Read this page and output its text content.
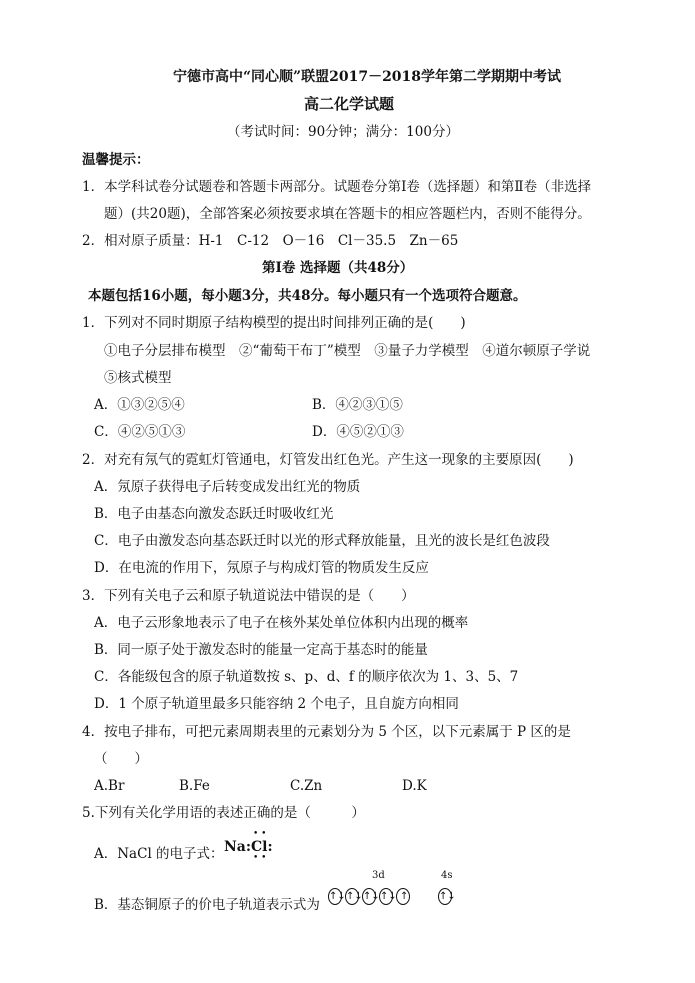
宁德市高中“同心顺”联盟2017－2018学年第二学期期中考试
高二化学试题
（考试时间：90分钟；满分：100分）
温馨提示：
1．本学科试卷分试题卷和答题卡两部分。试题卷分第Ⅰ卷（选择题）和第Ⅱ卷（非选择
题）(共20题)，全部答案必须按要求填在答题卡的相应答题栏内，否则不能得分。
2．相对原子质量：H-1　C-12　O－16　Cl－35.5　Zn－65
第Ⅰ卷 选择题（共48分）
本题包括16小题，每小题3分，共48分。每小题只有一个选项符合题意。
1．下列对不同时期原子结构模型的提出时间排列正确的是(　　)
①电子分层排布模型　②“葡萄干布丁”模型　③量子力学模型　④道尔顿原子学说
⑤核式模型
A．①③②⑤④	B．④②③①⑤
C．④②⑤①③	D．④⑤②①③
2．对充有氖气的霓虹灯管通电，灯管发出红色光。产生这一现象的主要原因(　　)
A．氖原子获得电子后转变成发出红光的物质
B．电子由基态向激发态跃迁时吸收红光
C．电子由激发态向基态跃迁时以光的形式释放能量，且光的波长是红色波段
D．在电流的作用下，氖原子与构成灯管的物质发生反应
3．下列有关电子云和原子轨道说法中错误的是（　　）
A．电子云形象地表示了电子在核外某处单位体积内出现的概率
B．同一原子处于激发态时的能量一定高于基态时的能量
C．各能级包含的原子轨道数按 s、p、d、f 的顺序依次为 1、3、5、7
D．1 个原子轨道里最多只能容纳 2 个电子，且自旋方向相同
4．按电子排布，可把元素周期表里的元素划分为 5 个区，以下元素属于 P 区的是
（　　）
A.Br	B.Fe	C.Zn	D.K
5.下列有关化学用语的表述正确的是（　　　）
A．NaCl 的电子式：
• •
Na:Cl:
• •
B．基态铜原子的价电子轨道表示式为
3d	4s
↑↓ ↑↓ ↑↓ ↑↓ ↑	↑↓
